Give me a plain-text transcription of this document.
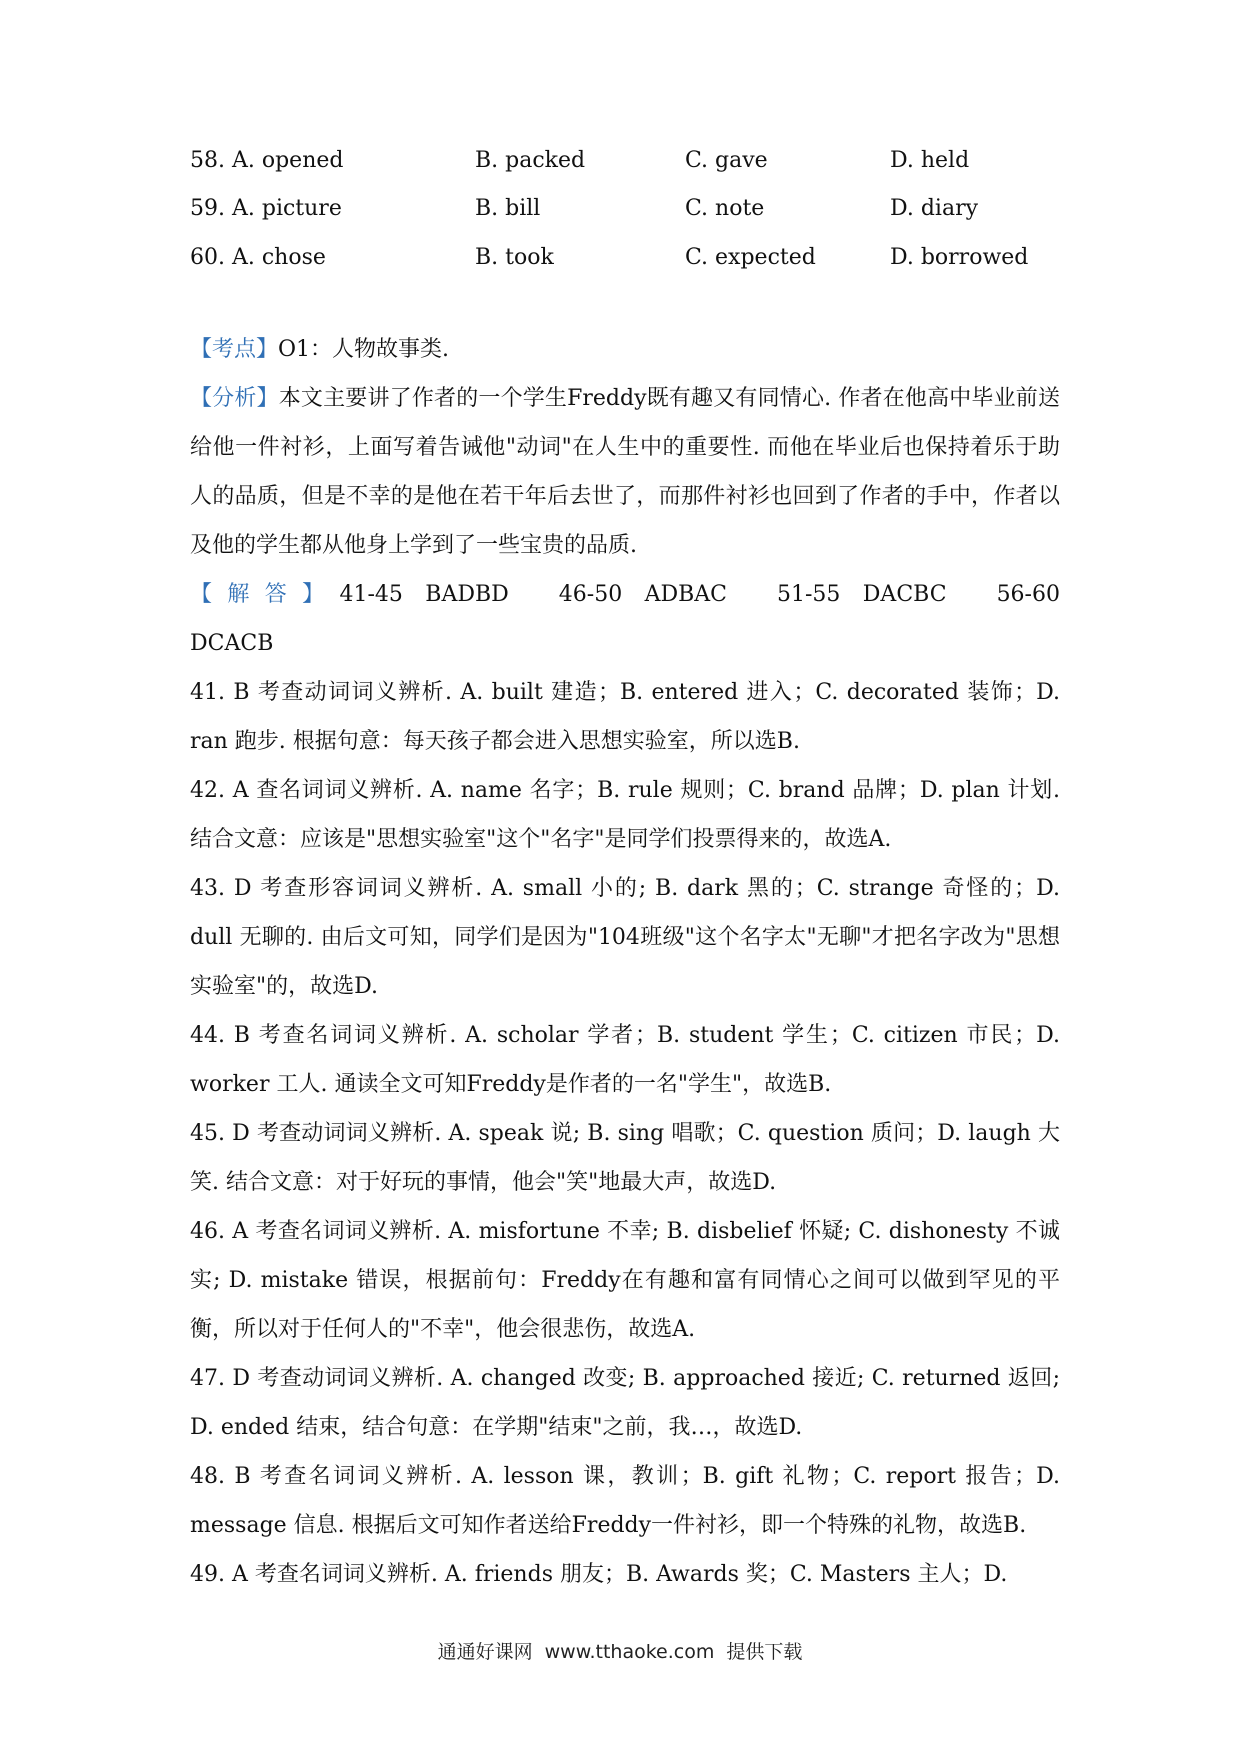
58. A. opened	B. packed	C. gave	D. held
59. A. picture	B. bill	C. note	D. diary
60. A. chose	B. took	C. expected	D. borrowed

【考点】O1：人物故事类.

【分析】本文主要讲了作者的一个学生Freddy既有趣又有同情心. 作者在他高中毕业前送给他一件衬衫，上面写着告诫他"动词"在人生中的重要性. 而他在毕业后也保持着乐于助人的品质，但是不幸的是他在若干年后去世了，而那件衬衫也回到了作者的手中，作者以及他的学生都从他身上学到了一些宝贵的品质.

【解答】41-45 BADBD 46-50 ADBAC 51-55 DACBC 56-60 DCACB

41. B 考查动词词义辨析. A. built 建造；B. entered 进入；C. decorated 装饰；D. ran 跑步. 根据句意：每天孩子都会进入思想实验室，所以选B.

42. A 查名词词义辨析. A. name 名字；B. rule 规则；C. brand 品牌；D. plan 计划. 结合文意：应该是"思想实验室"这个"名字"是同学们投票得来的，故选A.

43. D 考查形容词词义辨析. A. small 小的; B. dark 黑的；C. strange 奇怪的；D. dull 无聊的. 由后文可知，同学们是因为"104班级"这个名字太"无聊"才把名字改为"思想实验室"的，故选D.

44. B 考查名词词义辨析. A. scholar 学者；B. student 学生；C. citizen 市民；D. worker 工人. 通读全文可知Freddy是作者的一名"学生"，故选B.

45. D 考查动词词义辨析. A. speak 说; B. sing 唱歌；C. question 质问；D. laugh 大笑. 结合文意：对于好玩的事情，他会"笑"地最大声，故选D.

46. A 考查名词词义辨析. A. misfortune 不幸; B. disbelief 怀疑; C. dishonesty 不诚实; D. mistake 错误，根据前句：Freddy在有趣和富有同情心之间可以做到罕见的平衡，所以对于任何人的"不幸"，他会很悲伤，故选A.

47. D 考查动词词义辨析. A. changed 改变; B. approached 接近; C. returned 返回; D. ended 结束，结合句意：在学期"结束"之前，我…，故选D.

48. B 考查名词词义辨析. A. lesson 课，教训；B. gift 礼物；C. report 报告；D. message 信息. 根据后文可知作者送给Freddy一件衬衫，即一个特殊的礼物，故选B.

49. A 考查名词词义辨析. A. friends 朋友；B. Awards 奖；C. Masters 主人；D.

通通好课网 www.tthaoke.com 提供下载
